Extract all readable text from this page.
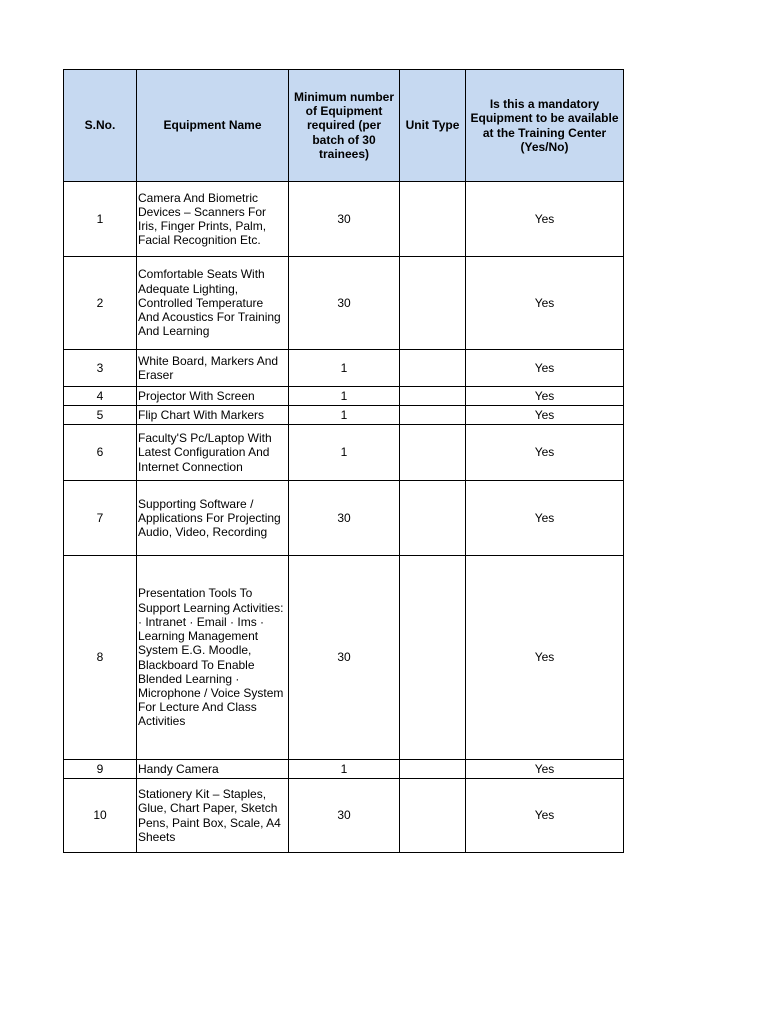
S.No.	Equipment Name	Minimum number of Equipment required (per batch of 30 trainees)	Unit Type	Is this a mandatory Equipment to be available at the Training Center (Yes/No)
1	Camera And Biometric Devices – Scanners For Iris, Finger Prints, Palm, Facial Recognition Etc.	30		Yes
2	Comfortable Seats With Adequate Lighting, Controlled Temperature And Acoustics For Training And Learning	30		Yes
3	White Board, Markers And Eraser	1		Yes
4	Projector With Screen	1		Yes
5	Flip Chart With Markers	1		Yes
6	Faculty'S Pc/Laptop With Latest Configuration And Internet Connection	1		Yes
7	Supporting Software / Applications For Projecting Audio, Video, Recording	30		Yes
8	Presentation Tools To Support Learning Activities: · Intranet · Email · Ims · Learning Management System E.G. Moodle, Blackboard To Enable Blended Learning · Microphone / Voice System For Lecture And Class Activities	30		Yes
9	Handy Camera	1		Yes
10	Stationery Kit – Staples, Glue, Chart Paper, Sketch Pens, Paint Box, Scale, A4 Sheets	30		Yes
